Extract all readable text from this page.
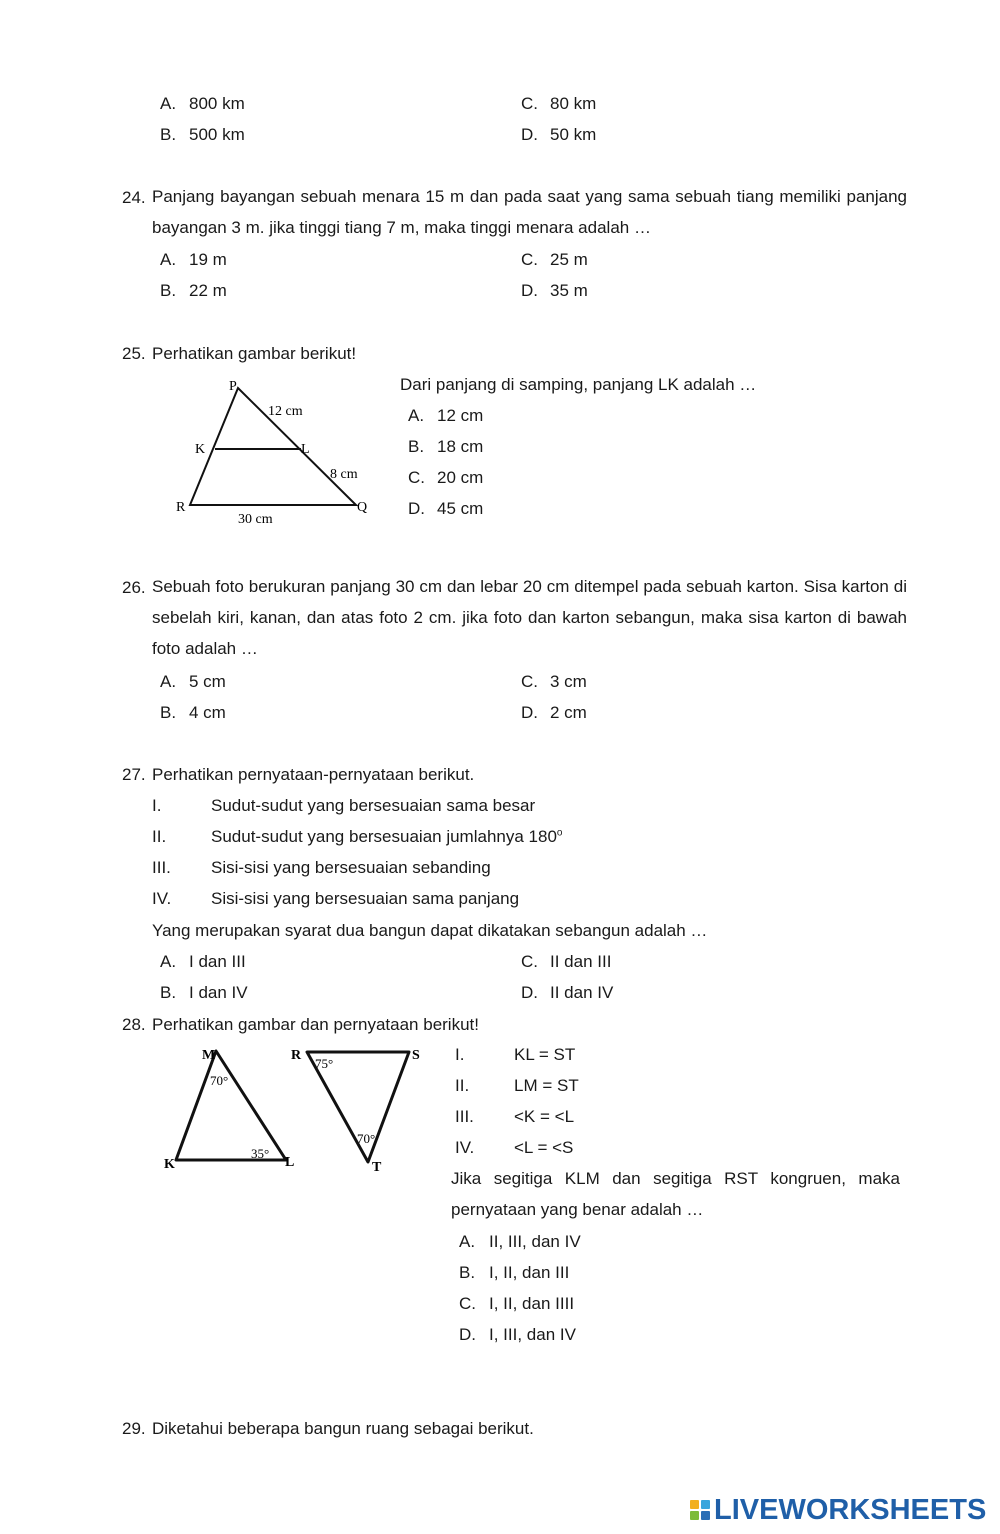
A. 800 km
B. 500 km
C. 80 km
D. 50 km
24. Panjang bayangan sebuah menara 15 m dan pada saat yang sama sebuah tiang memiliki panjang bayangan 3 m. jika tinggi tiang 7 m, maka tinggi menara adalah …
A. 19 m
B. 22 m
C. 25 m
D. 35 m
25. Perhatikan gambar berikut!
P
K	L
R	Q
12 cm
8 cm
30 cm
Dari panjang di samping, panjang LK adalah …
A. 12 cm
B. 18 cm
C. 20 cm
D. 45 cm
26. Sebuah foto berukuran panjang 30 cm dan lebar 20 cm ditempel pada sebuah karton. Sisa karton di sebelah kiri, kanan, dan atas foto 2 cm. jika foto dan karton sebangun, maka sisa karton di bawah foto adalah …
A. 5 cm
B. 4 cm
C. 3 cm
D. 2 cm
27. Perhatikan pernyataan-pernyataan berikut.
I.	Sudut-sudut yang bersesuaian sama besar
II.	Sudut-sudut yang bersesuaian jumlahnya 180$^o$
III. Sisi-sisi yang bersesuaian sebanding
IV. Sisi-sisi yang bersesuaian sama panjang
Yang merupakan syarat dua bangun dapat dikatakan sebangun adalah …
A. I dan III
B. I dan IV
C. II dan III
D. II dan IV
28. Perhatikan gambar dan pernyataan berikut!
M
K	L
70°
35°
R	S
T
75°
70°
I.	KL = ST
II.	LM = ST
III. <K = <L
IV. <L = <S
Jika segitiga KLM dan segitiga RST kongruen, maka pernyataan yang benar adalah …
A. II, III, dan IV
B. I, II, dan III
C. I, II, dan IIII
D. I, III, dan IV
29. Diketahui beberapa bangun ruang sebagai berikut.
LIVEWORKSHEETS
